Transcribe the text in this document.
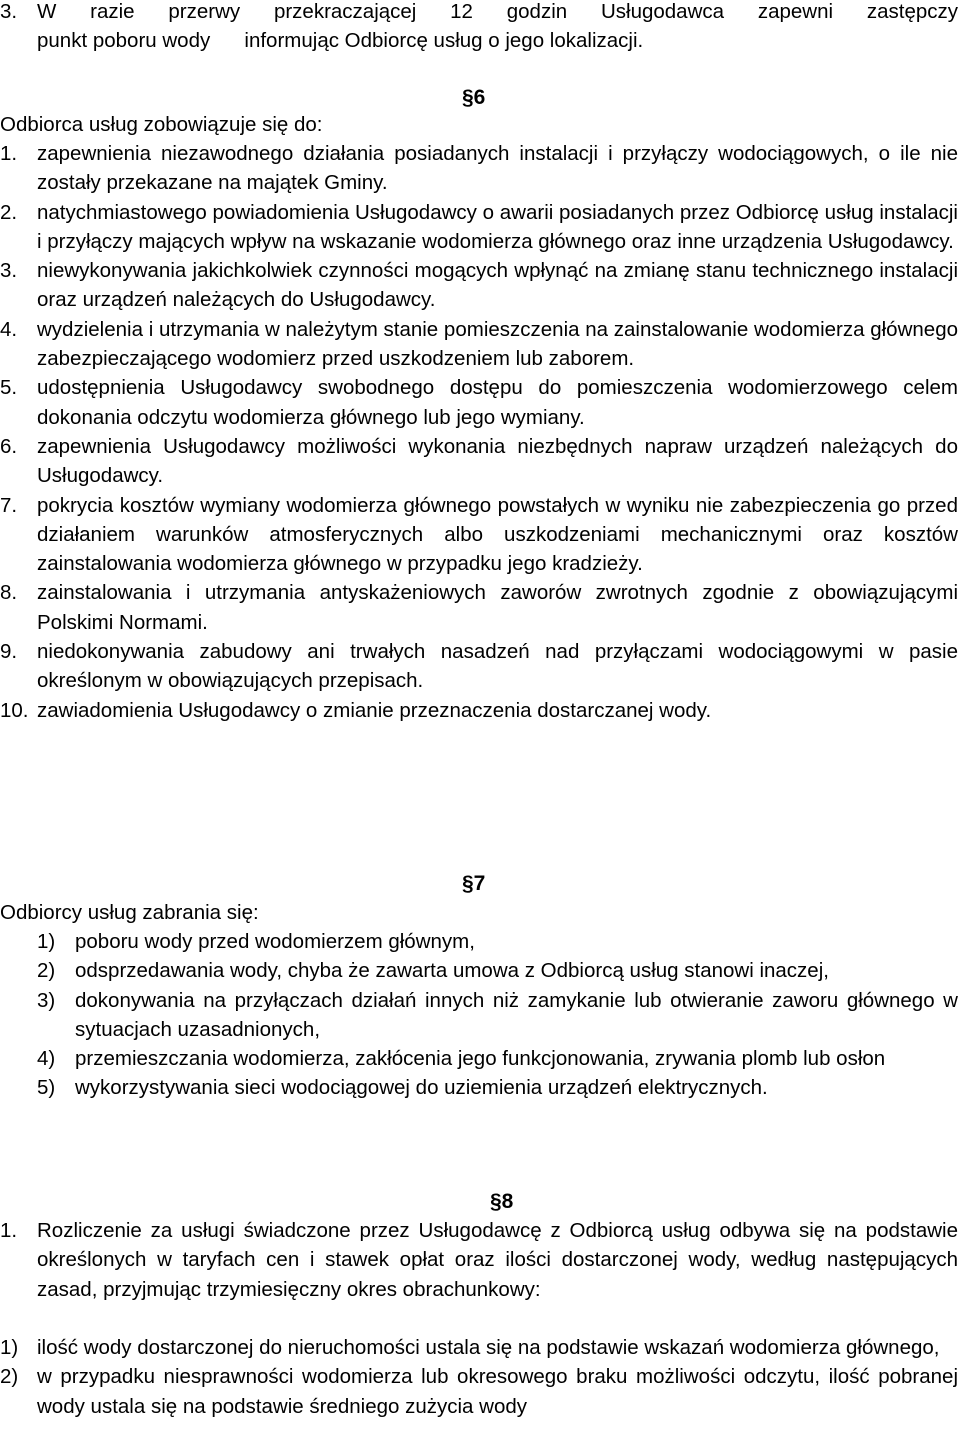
3. W razie przerwy przekraczającej 12 godzin Usługodawca zapewni zastępczy
punkt poboru wody      informując Odbiorcę usług o jego lokalizacji.
§6
Odbiorca usług zobowiązuje się do:
1. zapewnienia niezawodnego działania posiadanych instalacji i przyłączy wodociągowych, o ile nie zostały przekazane na majątek Gminy.
2. natychmiastowego powiadomienia Usługodawcy o awarii posiadanych przez Odbiorcę usług instalacji i przyłączy mających wpływ na wskazanie wodomierza głównego oraz inne urządzenia Usługodawcy.
3. niewykonywania jakichkolwiek czynności mogących wpłynąć na zmianę stanu technicznego instalacji oraz urządzeń należących do Usługodawcy.
4. wydzielenia i utrzymania w należytym stanie pomieszczenia na zainstalowanie wodomierza głównego zabezpieczającego wodomierz przed uszkodzeniem lub zaborem.
5. udostępnienia Usługodawcy swobodnego dostępu do pomieszczenia wodomierzowego celem dokonania odczytu wodomierza głównego lub jego wymiany.
6. zapewnienia Usługodawcy możliwości wykonania niezbędnych napraw urządzeń należących do Usługodawcy.
7. pokrycia kosztów wymiany wodomierza głównego powstałych w wyniku nie zabezpieczenia go przed działaniem warunków atmosferycznych albo uszkodzeniami mechanicznymi oraz kosztów zainstalowania wodomierza głównego w przypadku jego kradzieży.
8. zainstalowania i utrzymania antyskażeniowych zaworów zwrotnych zgodnie z obowiązującymi Polskimi Normami.
9. niedokonywania zabudowy ani trwałych nasadzeń nad przyłączami wodociągowymi w pasie określonym w obowiązujących przepisach.
10. zawiadomienia Usługodawcy o zmianie przeznaczenia dostarczanej wody.
§7
Odbiorcy usług zabrania się:
1) poboru wody przed wodomierzem głównym,
2) odsprzedawania wody, chyba że zawarta umowa z Odbiorcą usług stanowi inaczej,
3) dokonywania na przyłączach działań innych niż zamykanie lub otwieranie zaworu głównego w sytuacjach uzasadnionych,
4) przemieszczania wodomierza, zakłócenia jego funkcjonowania, zrywania plomb lub osłon
5) wykorzystywania sieci wodociągowej do uziemienia urządzeń elektrycznych.
§8
1. Rozliczenie za usługi świadczone przez Usługodawcę z Odbiorcą usług odbywa się na podstawie określonych w taryfach cen i stawek opłat oraz ilości dostarczonej wody, według następujących zasad, przyjmując trzymiesięczny okres obrachunkowy:
1) ilość wody dostarczonej do nieruchomości ustala się na podstawie wskazań wodomierza głównego,
2) w przypadku niesprawności wodomierza lub okresowego braku możliwości odczytu, ilość pobranej wody ustala się na podstawie średniego zużycia wody
